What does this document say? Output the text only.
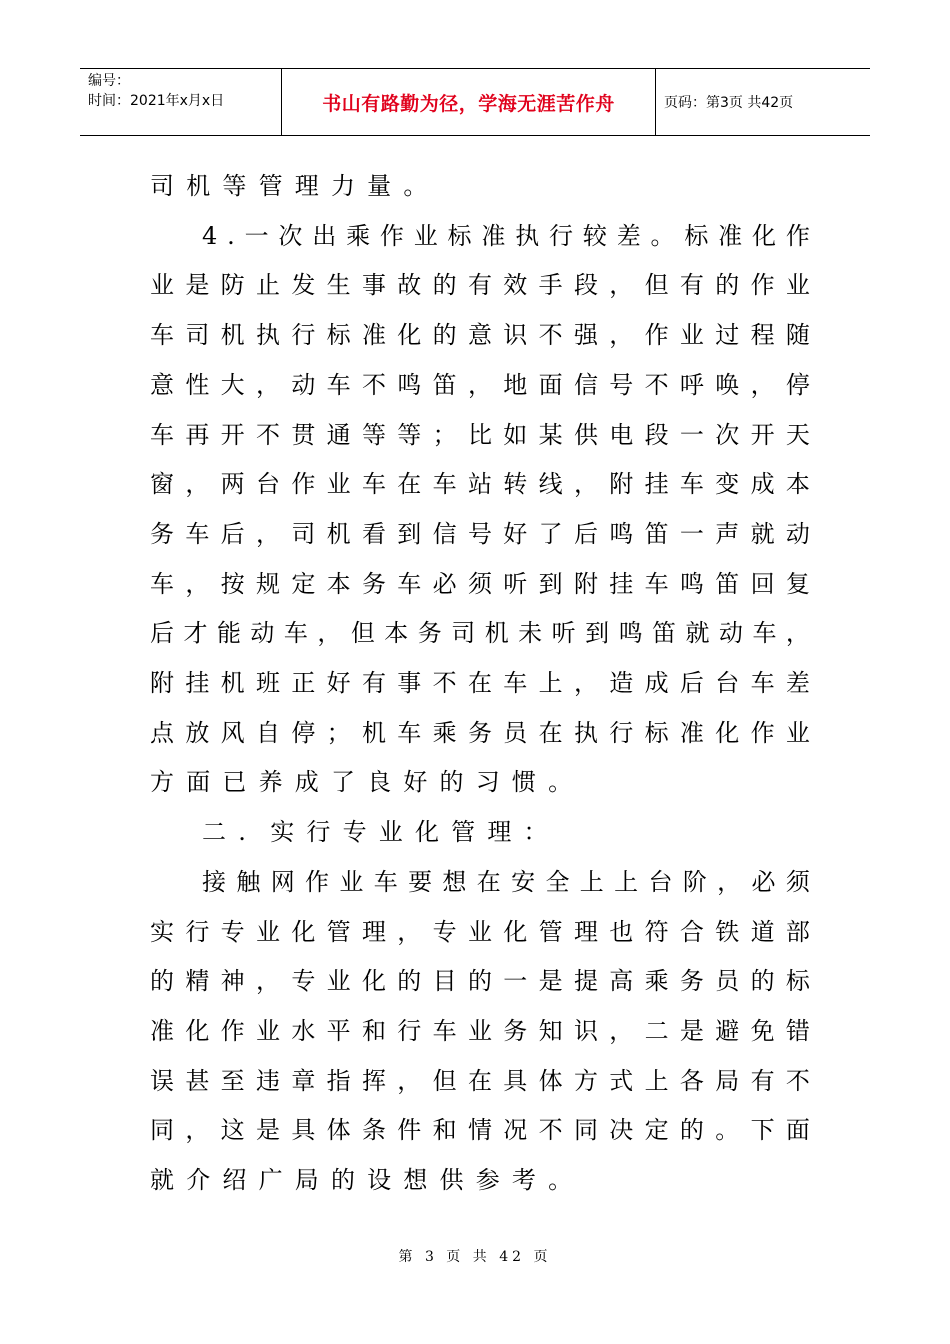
编号：
时间：2021年x月x日	书山有路勤为径，学海无涯苦作舟	页码：第3页 共42页
司 机 等 管 理 力 量 。
4 . 一 次 出 乘 作 业 标 准 执 行 较 差 。 标 准 化 作
业 是 防 止 发 生 事 故 的 有 效 手 段 ， 但 有 的 作 业
车 司 机 执 行 标 准 化 的 意 识 不 强 ， 作 业 过 程 随
意 性 大 ， 动 车 不 鸣 笛 ， 地 面 信 号 不 呼 唤 ， 停
车 再 开 不 贯 通 等 等 ； 比 如 某 供 电 段 一 次 开 天
窗 ， 两 台 作 业 车 在 车 站 转 线 ， 附 挂 车 变 成 本
务 车 后 ， 司 机 看 到 信 号 好 了 后 鸣 笛 一 声 就 动
车 ， 按 规 定 本 务 车 必 须 听 到 附 挂 车 鸣 笛 回 复
后 才 能 动 车 ， 但 本 务 司 机 未 听 到 鸣 笛 就 动 车 ，
附 挂 机 班 正 好 有 事 不 在 车 上 ， 造 成 后 台 车 差
点 放 风 自 停 ； 机 车 乘 务 员 在 执 行 标 准 化 作 业
方 面 已 养 成 了 良 好 的 习 惯 。
二 . 实 行 专 业 化 管 理 ：
接 触 网 作 业 车 要 想 在 安 全 上 上 台 阶 ， 必 须
实 行 专 业 化 管 理 ， 专 业 化 管 理 也 符 合 铁 道 部
的 精 神 ， 专 业 化 的 目 的 一 是 提 高 乘 务 员 的 标
准 化 作 业 水 平 和 行 车 业 务 知 识 ， 二 是 避 免 错
误 甚 至 违 章 指 挥 ， 但 在 具 体 方 式 上 各 局 有 不
同 ， 这 是 具 体 条 件 和 情 况 不 同 决 定 的 。 下 面
就 介 绍 广 局 的 设 想 供 参 考 。
第 3 页 共 42 页
